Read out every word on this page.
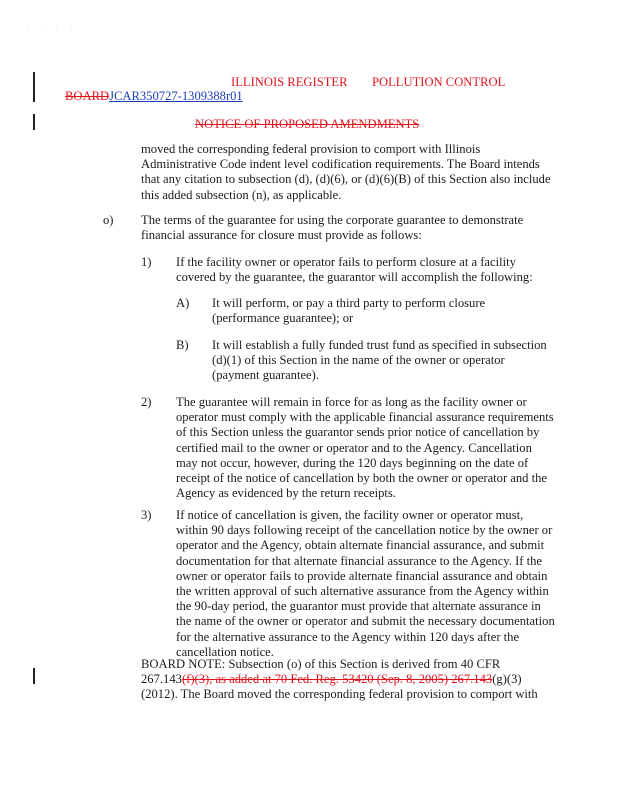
· · · ·
ILLINOIS REGISTER POLLUTION CONTROL
BOARDJCAR350727-1309388r01
NOTICE OF PROPOSED AMENDMENTS
moved the corresponding federal provision to comport with Illinois
Administrative Code indent level codification requirements. The Board intends
that any citation to subsection (d), (d)(6), or (d)(6)(B) of this Section also include
this added subsection (n), as applicable.
o) The terms of the guarantee for using the corporate guarantee to demonstrate
financial assurance for closure must provide as follows:
1) If the facility owner or operator fails to perform closure at a facility
covered by the guarantee, the guarantor will accomplish the following:
A) It will perform, or pay a third party to perform closure
(performance guarantee); or
B) It will establish a fully funded trust fund as specified in subsection
(d)(1) of this Section in the name of the owner or operator
(payment guarantee).
2) The guarantee will remain in force for as long as the facility owner or
operator must comply with the applicable financial assurance requirements
of this Section unless the guarantor sends prior notice of cancellation by
certified mail to the owner or operator and to the Agency. Cancellation
may not occur, however, during the 120 days beginning on the date of
receipt of the notice of cancellation by both the owner or operator and the
Agency as evidenced by the return receipts.
3) If notice of cancellation is given, the facility owner or operator must,
within 90 days following receipt of the cancellation notice by the owner or
operator and the Agency, obtain alternate financial assurance, and submit
documentation for that alternate financial assurance to the Agency. If the
owner or operator fails to provide alternate financial assurance and obtain
the written approval of such alternative assurance from the Agency within
the 90-day period, the guarantor must provide that alternate assurance in
the name of the owner or operator and submit the necessary documentation
for the alternative assurance to the Agency within 120 days after the
cancellation notice.
BOARD NOTE: Subsection (o) of this Section is derived from 40 CFR
267.143(f)(3), as added at 70 Fed. Reg. 53420 (Sep. 8, 2005) 267.143(g)(3)
(2012). The Board moved the corresponding federal provision to comport with
